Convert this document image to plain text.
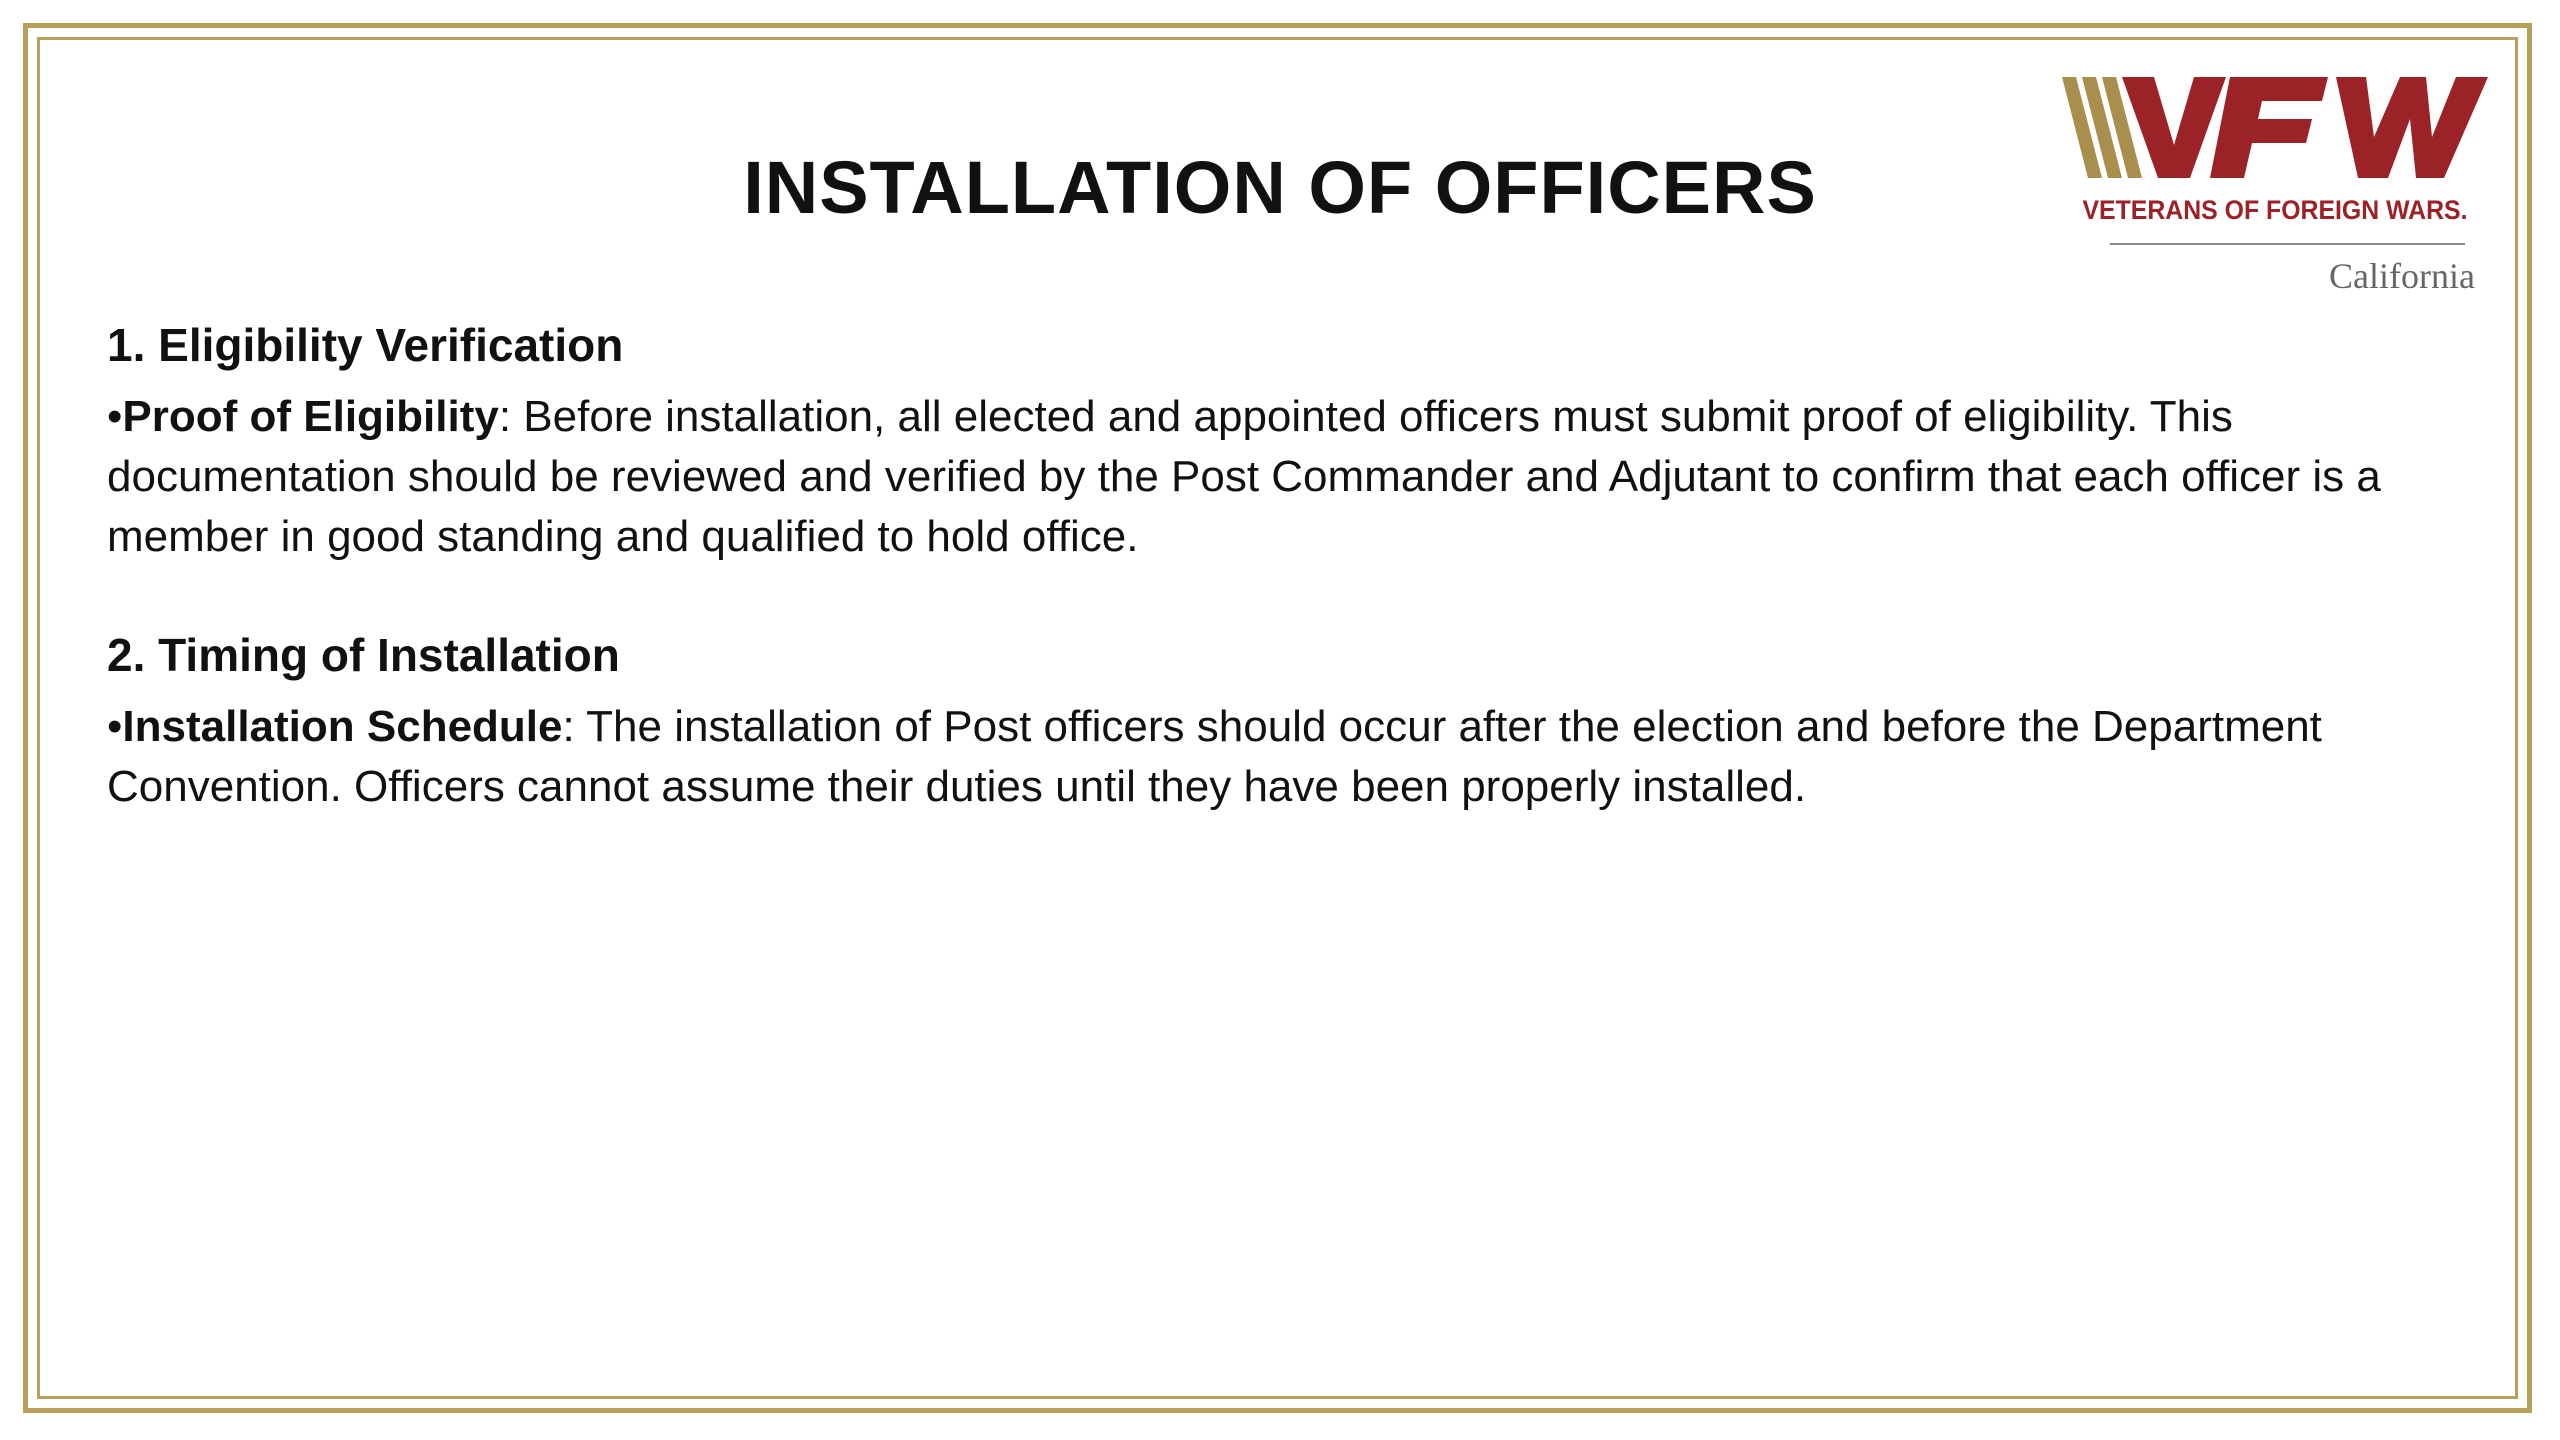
INSTALLATION OF OFFICERS	VETERANS OF FOREIGN WARS.
California

1. Eligibility Verification

•Proof of Eligibility: Before installation, all elected and appointed officers must submit proof of eligibility. This documentation should be reviewed and verified by the Post Commander and Adjutant to confirm that each officer is a member in good standing and qualified to hold office.

2. Timing of Installation

•Installation Schedule: The installation of Post officers should occur after the election and before the Department Convention. Officers cannot assume their duties until they have been properly installed.
